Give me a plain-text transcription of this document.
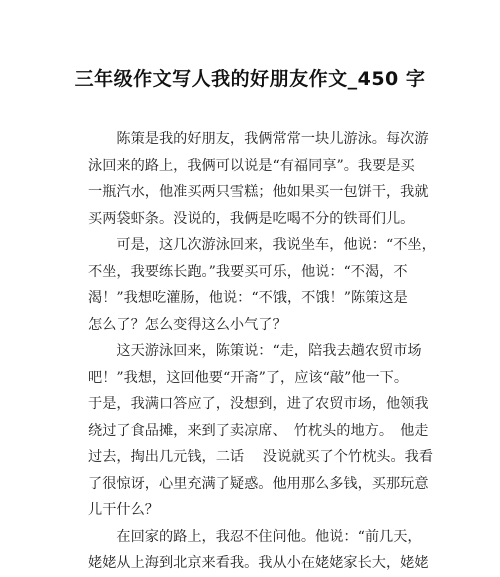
三年级作文写人我的好朋友作文_450 字
　　陈策是我的好朋友，我俩常常一块儿游泳。每次游
泳回来的路上，我俩可以说是“有福同享”。我要是买
一瓶汽水，他准买两只雪糕；他如果买一包饼干，我就
买两袋虾条。没说的，我俩是吃喝不分的铁哥们儿。
　　可是，这几次游泳回来，我说坐车，他说：“不坐，
不坐，我要练长跑。”我要买可乐，他说：“不渴，不
渴！”我想吃灌肠，他说：“不饿，不饿！”陈策这是
怎么了？怎么变得这么小气了？
　　这天游泳回来，陈策说：“走，陪我去趟农贸市场
吧！”我想，这回他要“开斋”了，应该“敲”他一下。
于是，我满口答应了，没想到，进了农贸市场，他领我
绕过了食品摊，来到了卖凉席、　竹枕头的地方。　他走
过去，掏出几元钱，二话　 没说就买了个竹枕头。我看
了很惊讶，心里充满了疑惑。他用那么多钱，买那玩意
儿干什么？
　　在回家的路上，我忍不住问他。他说：“前几天，
姥姥从上海到北京来看我。我从小在姥姥家长大，姥姥
